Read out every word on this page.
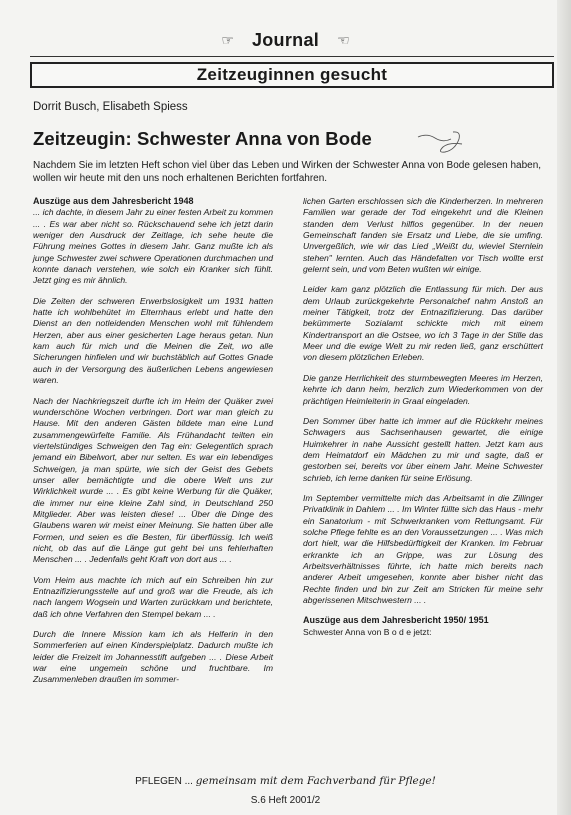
☞ Journal ☜
Zeitzeuginnen gesucht
Dorrit Busch, Elisabeth Spiess
Zeitzeugin: Schwester Anna von Bode
Nachdem Sie im letzten Heft schon viel über das Leben und Wirken der Schwester Anna von Bode gelesen haben, wollen wir heute mit den uns noch erhaltenen Berichten fortfahren.
Auszüge aus dem Jahresbericht 1948

... ich dachte, in diesem Jahr zu einer festen Arbeit zu kommen ... . Es war aber nicht so. Rückschauend sehe ich jetzt darin weniger den Ausdruck der Zeitlage, ich sehe heute die Führung meines Gottes in diesem Jahr. Ganz mußte ich als junge Schwester zwei schwere Operationen durchmachen und konnte danach verstehen, wie solch ein Kranker sich fühlt. Jetzt ging es mir ähnlich.

Die Zeiten der schweren Erwerbslosigkeit um 1931 hatten hatte ich wohlbehütet im Elternhaus erlebt und hatte den Dienst an den notleidenden Menschen wohl mit fühlendem Herzen, aber aus einer gesicherten Lage heraus getan. Nun kam auch für mich und die Meinen die Zeit, wo alle Sicherungen hinfielen und wir buchstäblich auf Gottes Gnade auch in der Versorgung des äußerlichen Lebens angewiesen waren.

Nach der Nachkriegszeit durfte ich im Heim der Quäker zwei wunderschöne Wochen verbringen. Dort war man gleich zu Hause. Mit den anderen Gästen bildete man eine Lund zusammengewürfelte Familie. Als Frühandacht teilten ein viertelstündiges Schweigen den Tag ein: Gelegentlich sprach jemand ein Bibelwort, aber nur selten. Es war ein lebendiges Schweigen, ja man spürte, wie sich der Geist des Gebets unser aller bemächtigte und die obere Welt uns zur Wirklichkeit wurde ... . Es gibt keine Werbung für die Quäker, die immer nur eine kleine Zahl sind, in Deutschland 250 Mitglieder. Aber was leisten diese! ... Über die Dinge des Glaubens waren wir meist einer Meinung. Sie hatten über alle Formen, und seien es die Besten, für überflüssig. Ich weiß nicht, ob das auf die Länge gut geht bei uns fehlerhaften Menschen ... . Jedenfalls geht Kraft von dort aus ... .

Vom Heim aus machte ich mich auf ein Schreiben hin zur Entnazifizierungsstelle auf und groß war die Freude, als ich nach langem Wogsein und Warten zurückkam und berichtete, daß ich ohne Verfahren den Stempel bekam ... .

Durch die Innere Mission kam ich als Helferin in den Sommerferien auf einen Kinderspielplatz. Dadurch mußte ich leider die Freizeit im Johannesstift aufgeben ... . Diese Arbeit war eine ungemein schöne und fruchtbare. Im Zusammenleben draußen im sommer-

lichen Garten erschlossen sich die Kinderherzen. In mehreren Familien war gerade der Tod eingekehrt und die Kleinen standen dem Verlust hilflos gegenüber. In der neuen Gemeinschaft fanden sie Ersatz und Liebe, die sie umfing. Unvergeßlich, wie wir das Lied „Weißt du, wieviel Sternlein stehen" lernten. Auch das Händefalten vor Tisch wollte erst gelernt sein, und vom Beten wußten wir einige.

Leider kam ganz plötzlich die Entlassung für mich. Der aus dem Urlaub zurückgekehrte Personalchef nahm Anstoß an meiner Tätigkeit, trotz der Entnazifizierung. Das darüber bekümmerte Sozialamt schickte mich mit einem Kindertransport an die Ostsee, wo ich 3 Tage in der Stille das Meer und die ewige Welt zu mir reden ließ, ganz erschüttert von diesem plötzlichen Erleben.

Die ganze Herrlichkeit des sturmbewegten Meeres im Herzen, kehrte ich dann heim, herzlich zum Wiederkommen von der prächtigen Heimleiterin in Graal eingeladen.

Den Sommer über hatte ich immer auf die Rückkehr meines Schwagers aus Sachsenhausen gewartet, die einige Huimkehrer in nahe Aussicht gestellt hatten. Jetzt kam aus dem Heimatdorf ein Mädchen zu mir und sagte, daß er gestorben sei, bereits vor über einem Jahr. Meine Schwester schrieb, ich lerne danken für seine Erlösung.

Im September vermittelte mich das Arbeitsamt in die Zillinger Privatklinik in Dahlem ... . Im Winter füllte sich das Haus - mehr ein Sanatorium - mit Schwerkranken vom Rettungsamt. Für solche Pflege fehlte es an den Voraussetzungen ... . Was mich dort hielt, war die Hilfsbedürftigkeit der Kranken. Im Februar erkrankte ich an Grippe, was zur Lösung des Arbeitsverhältnisses führte, ich hatte mich bereits nach anderer Arbeit umgesehen, konnte aber bisher nicht das Rechte finden und bin zur Zeit am Stricken für meine sehr abgerissenen Mitschwestern ... .

Auszüge aus dem Jahresbericht 1950/ 1951

Schwester Anna von B o d e jetzt:

PFLEGEN ... gemeinsam mit dem Fachverband für Pflege!
S.6 Heft 2001/2
